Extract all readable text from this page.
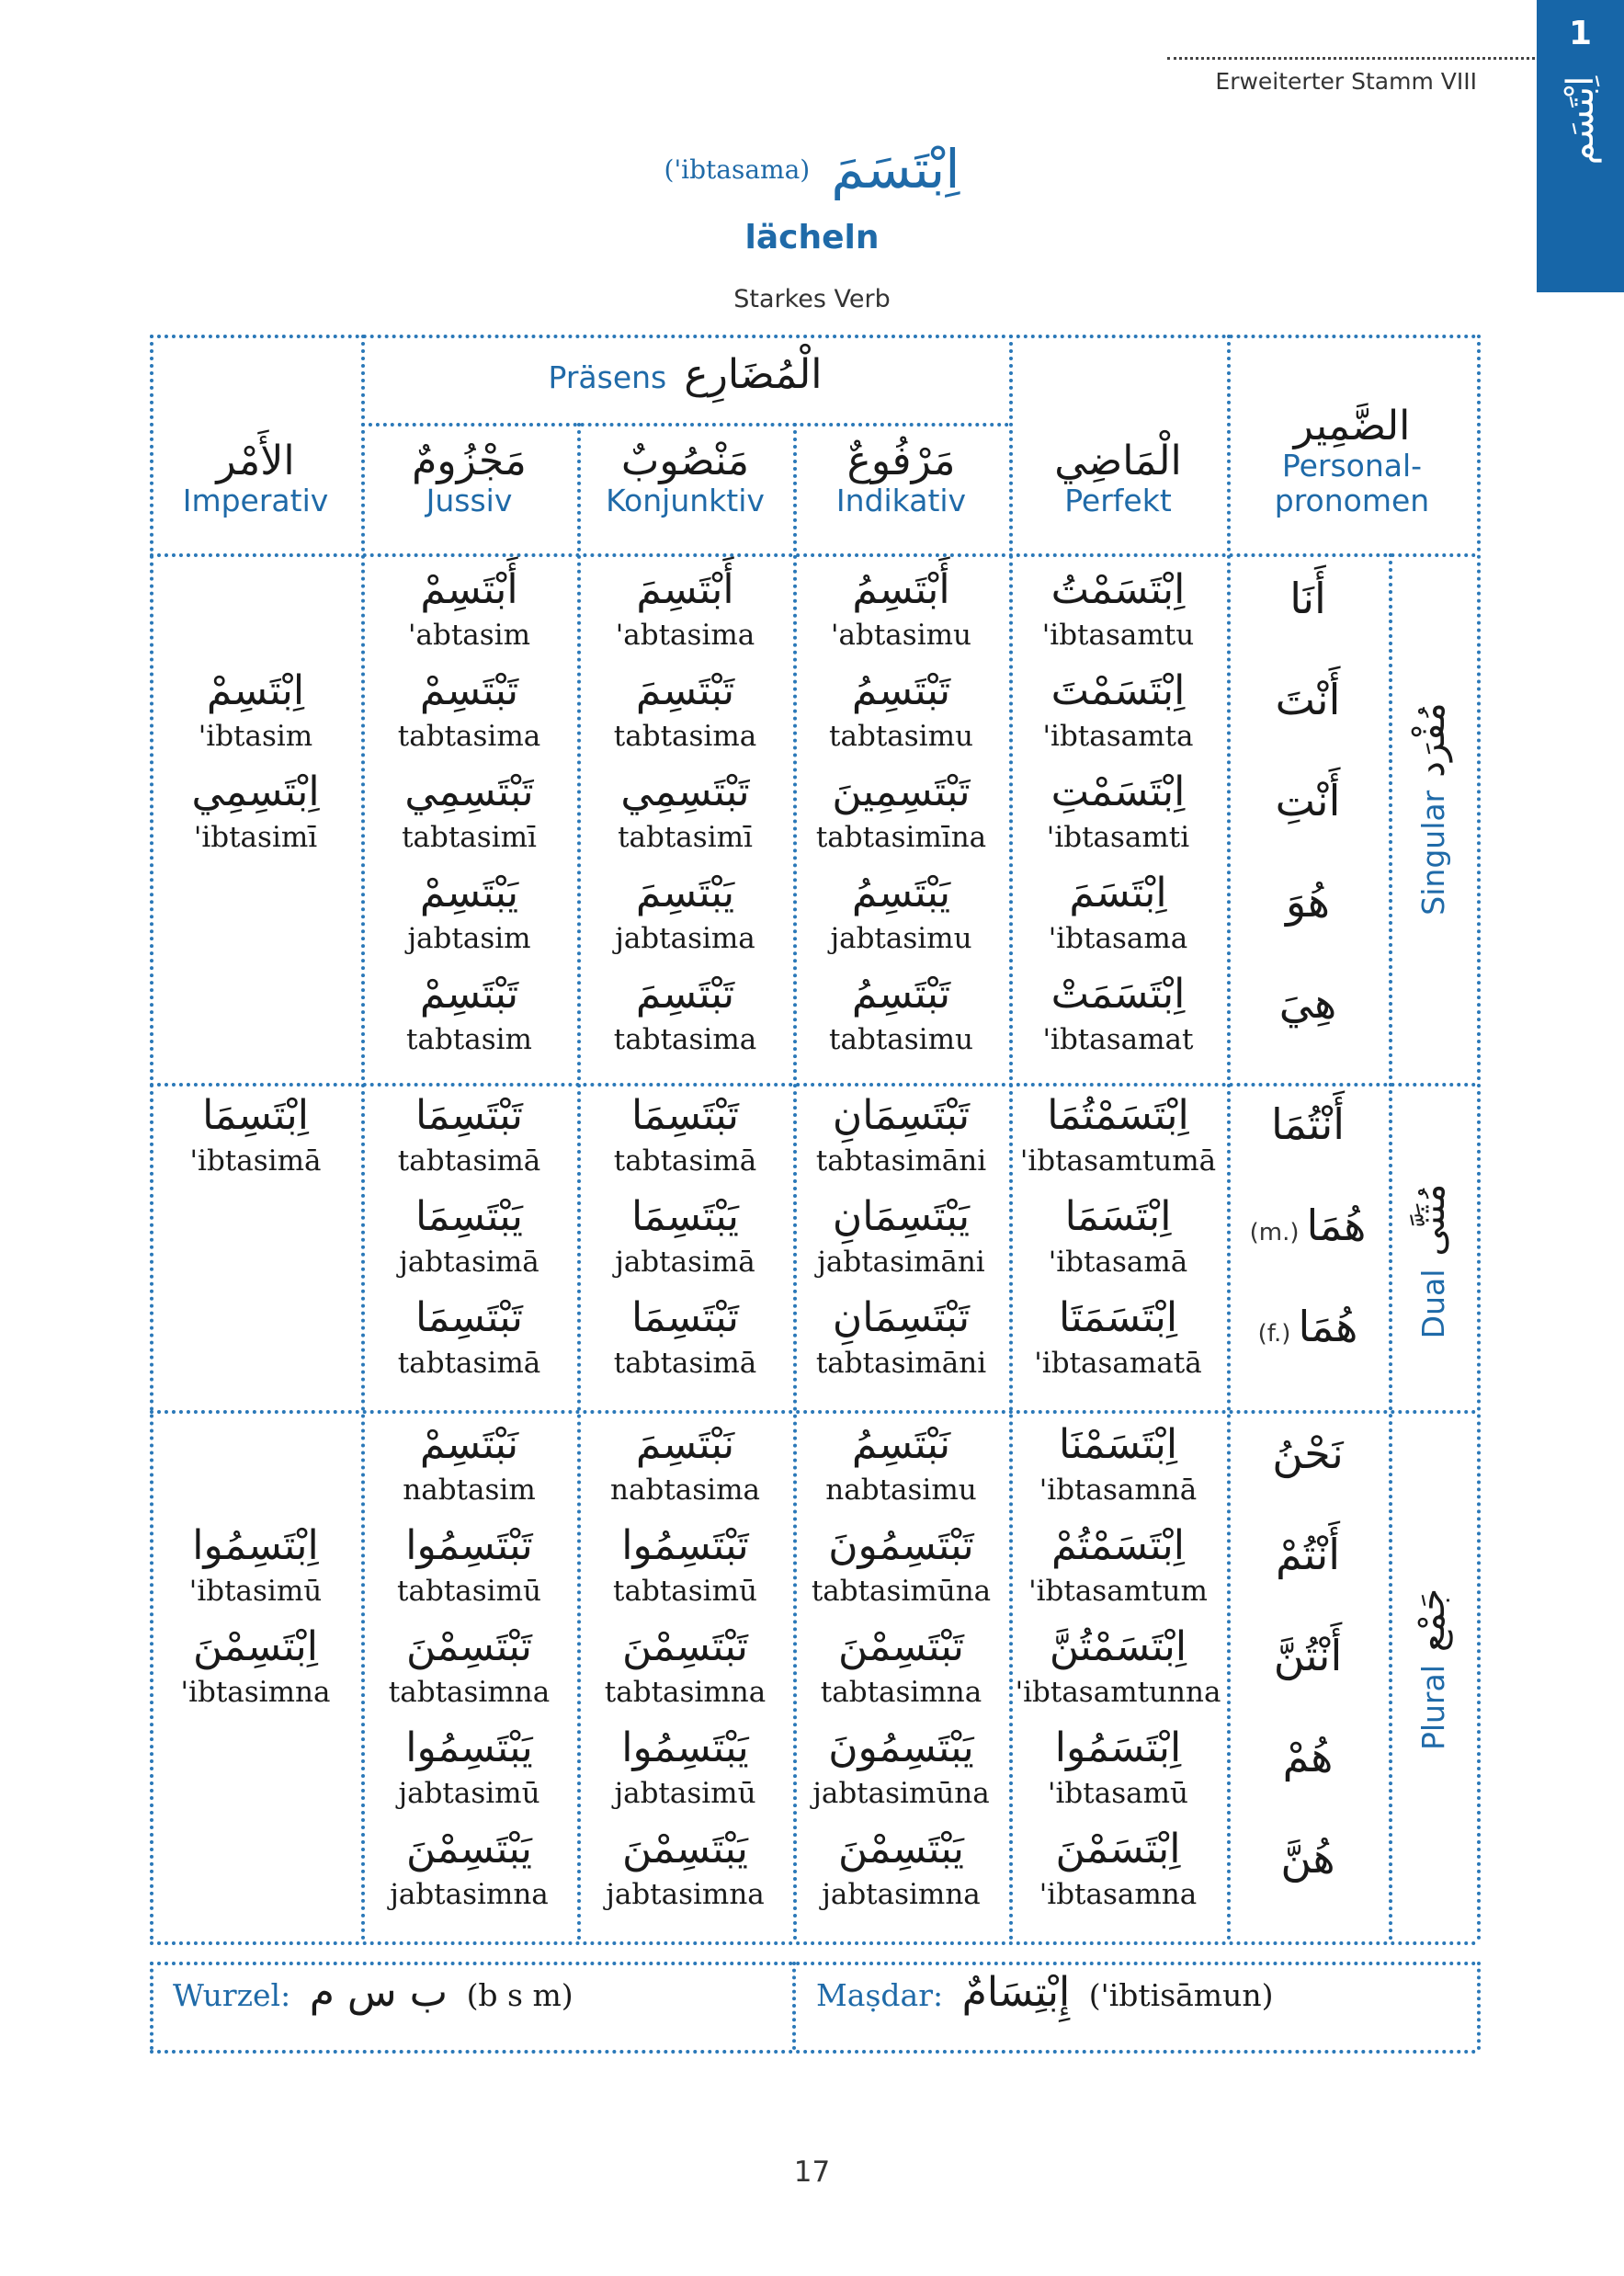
Erweiterter Stamm VIII
1
اِبْتَسَم
('ibtasama) اِبْتَسَمَ
lächeln
Starkes Verb
Präsens الْمُضَارِع
الأَمْر
Imperativ
مَجْزُومٌ
Jussiv
مَنْصُوبٌ
Konjunktiv
مَرْفُوعٌ
Indikativ
الْمَاضِي
Perfekt
الضَّمِير
Personal-
pronomen
Singularمُفْرَد
Dualمُثَنَّى
Pluralجَمْع
اِبْتَسَمْتُ
'ibtasamtu
أَبْتَسِمُ
'abtasimu
أَبْتَسِمَ
'abtasima
أَبْتَسِمْ
'abtasim
أَنَا
اِبْتَسَمْتَ
'ibtasamta
تَبْتَسِمُ
tabtasimu
تَبْتَسِمَ
tabtasima
تَبْتَسِمْ
tabtasima
اِبْتَسِمْ
'ibtasim
أَنْتَ
اِبْتَسَمْتِ
'ibtasamti
تَبْتَسِمِينَ
tabtasimīna
تَبْتَسِمِي
tabtasimī
تَبْتَسِمِي
tabtasimī
اِبْتَسِمِي
'ibtasimī
أَنْتِ
اِبْتَسَمَ
'ibtasama
يَبْتَسِمُ
jabtasimu
يَبْتَسِمَ
jabtasima
يَبْتَسِمْ
jabtasim
هُوَ
اِبْتَسَمَتْ
'ibtasamat
تَبْتَسِمُ
tabtasimu
تَبْتَسِمَ
tabtasima
تَبْتَسِمْ
tabtasim
هِيَ
اِبْتَسَمْتُمَا
'ibtasamtumā
تَبْتَسِمَانِ
tabtasimāni
تَبْتَسِمَا
tabtasimā
تَبْتَسِمَا
tabtasimā
اِبْتَسِمَا
'ibtasimā
أَنْتُمَا
اِبْتَسَمَا
'ibtasamā
يَبْتَسِمَانِ
jabtasimāni
يَبْتَسِمَا
jabtasimā
يَبْتَسِمَا
jabtasimā
(m.) هُمَا
اِبْتَسَمَتَا
'ibtasamatā
تَبْتَسِمَانِ
tabtasimāni
تَبْتَسِمَا
tabtasimā
تَبْتَسِمَا
tabtasimā
(f.) هُمَا
اِبْتَسَمْنَا
'ibtasamnā
نَبْتَسِمُ
nabtasimu
نَبْتَسِمَ
nabtasima
نَبْتَسِمْ
nabtasim
نَحْنُ
اِبْتَسَمْتُمْ
'ibtasamtum
تَبْتَسِمُونَ
tabtasimūna
تَبْتَسِمُوا
tabtasimū
تَبْتَسِمُوا
tabtasimū
اِبْتَسِمُوا
'ibtasimū
أَنْتُمْ
اِبْتَسَمْتُنَّ
'ibtasamtunna
تَبْتَسِمْنَ
tabtasimna
تَبْتَسِمْنَ
tabtasimna
تَبْتَسِمْنَ
tabtasimna
اِبْتَسِمْنَ
'ibtasimna
أَنْتُنَّ
اِبْتَسَمُوا
'ibtasamū
يَبْتَسِمُونَ
jabtasimūna
يَبْتَسِمُوا
jabtasimū
يَبْتَسِمُوا
jabtasimū
هُمْ
اِبْتَسَمْنَ
'ibtasamna
يَبْتَسِمْنَ
jabtasimna
يَبْتَسِمْنَ
jabtasimna
يَبْتَسِمْنَ
jabtasimna
هُنَّ
Wurzel: ب س م (b s m)	Maṣdar: إِبْتِسَامٌ ('ibtisāmun)
17
